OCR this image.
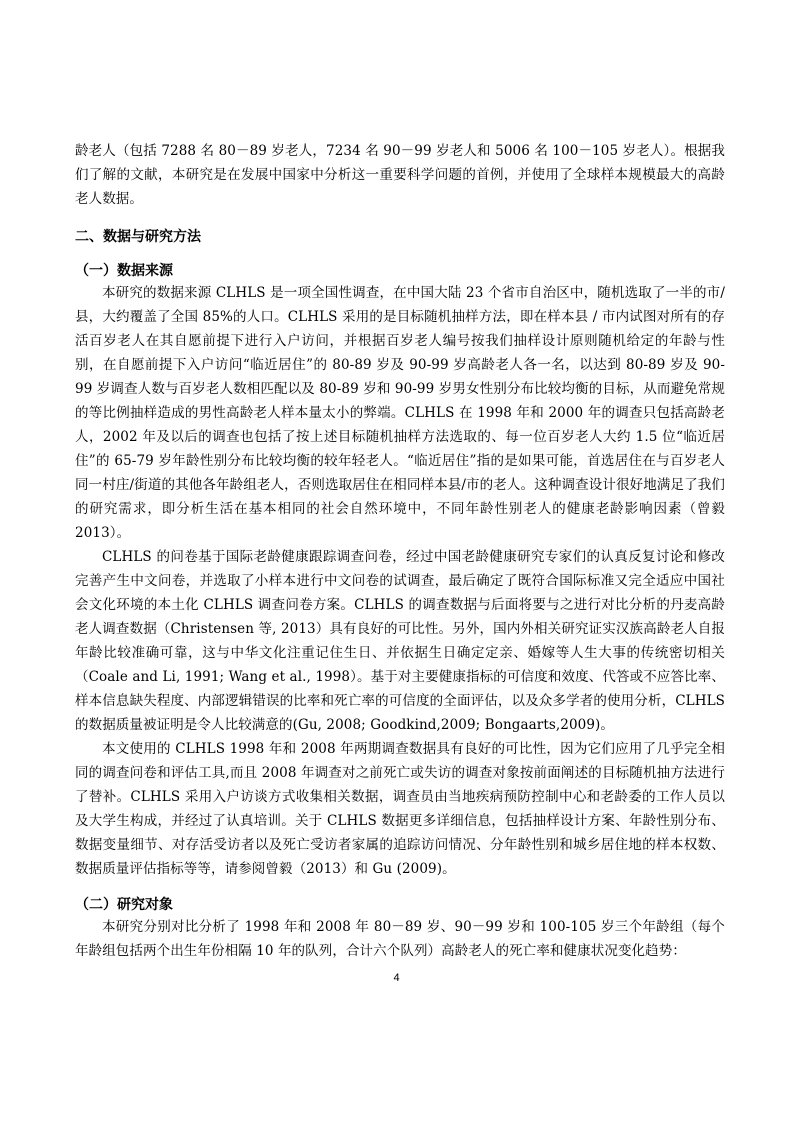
龄老人（包括 7288 名 80－89 岁老人，7234 名 90－99 岁老人和 5006 名 100－105 岁老人）。根据我们了解的文献，本研究是在发展中国家中分析这一重要科学问题的首例，并使用了全球样本规模最大的高龄老人数据。

二、数据与研究方法
（一）数据来源

本研究的数据来源 CLHLS 是一项全国性调查，在中国大陆 23 个省市自治区中，随机选取了一半的市/县，大约覆盖了全国 85%的人口。CLHLS 采用的是目标随机抽样方法，即在样本县 / 市内试图对所有的存活百岁老人在其自愿前提下进行入户访问，并根据百岁老人编号按我们抽样设计原则随机给定的年龄与性别，在自愿前提下入户访问“临近居住”的 80-89 岁及 90-99 岁高龄老人各一名，以达到 80-89 岁及 90-99 岁调查人数与百岁老人数相匹配以及 80-89 岁和 90-99 岁男女性别分布比较均衡的目标，从而避免常规的等比例抽样造成的男性高龄老人样本量太小的弊端。CLHLS 在 1998 年和 2000 年的调查只包括高龄老人，2002 年及以后的调查也包括了按上述目标随机抽样方法选取的、每一位百岁老人大约 1.5 位“临近居住”的 65-79 岁年龄性别分布比较均衡的较年轻老人。“临近居住”指的是如果可能，首选居住在与百岁老人同一村庄/街道的其他各年龄组老人，否则选取居住在相同样本县/市的老人。这种调查设计很好地满足了我们的研究需求，即分析生活在基本相同的社会自然环境中，不同年龄性别老人的健康老龄影响因素（曾毅 2013）。

CLHLS 的问卷基于国际老龄健康跟踪调查问卷，经过中国老龄健康研究专家们的认真反复讨论和修改完善产生中文问卷，并选取了小样本进行中文问卷的试调查，最后确定了既符合国际标准又完全适应中国社会文化环境的本土化 CLHLS 调查问卷方案。CLHLS 的调查数据与后面将要与之进行对比分析的丹麦高龄老人调查数据（Christensen 等, 2013）具有良好的可比性。另外，国内外相关研究证实汉族高龄老人自报年龄比较准确可靠，这与中华文化注重记住生日、并依据生日确定定亲、婚嫁等人生大事的传统密切相关（Coale and Li, 1991; Wang et al., 1998）。基于对主要健康指标的可信度和效度、代答或不应答比率、样本信息缺失程度、内部逻辑错误的比率和死亡率的可信度的全面评估，以及众多学者的使用分析，CLHLS 的数据质量被证明是令人比较满意的(Gu, 2008; Goodkind,2009; Bongaarts,2009)。

本文使用的 CLHLS 1998 年和 2008 年两期调查数据具有良好的可比性，因为它们应用了几乎完全相同的调查问卷和评估工具,而且 2008 年调查对之前死亡或失访的调查对象按前面阐述的目标随机抽方法进行了替补。CLHLS 采用入户访谈方式收集相关数据，调查员由当地疾病预防控制中心和老龄委的工作人员以及大学生构成，并经过了认真培训。关于 CLHLS 数据更多详细信息，包括抽样设计方案、年龄性别分布、数据变量细节、对存活受访者以及死亡受访者家属的追踪访问情况、分年龄性别和城乡居住地的样本权数、数据质量评估指标等等，请参阅曾毅（2013）和 Gu (2009)。

（二）研究对象

本研究分别对比分析了 1998 年和 2008 年 80－89 岁、90－99 岁和 100-105 岁三个年龄组（每个年龄组包括两个出生年份相隔 10 年的队列，合计六个队列）高龄老人的死亡率和健康状况变化趋势：

4
